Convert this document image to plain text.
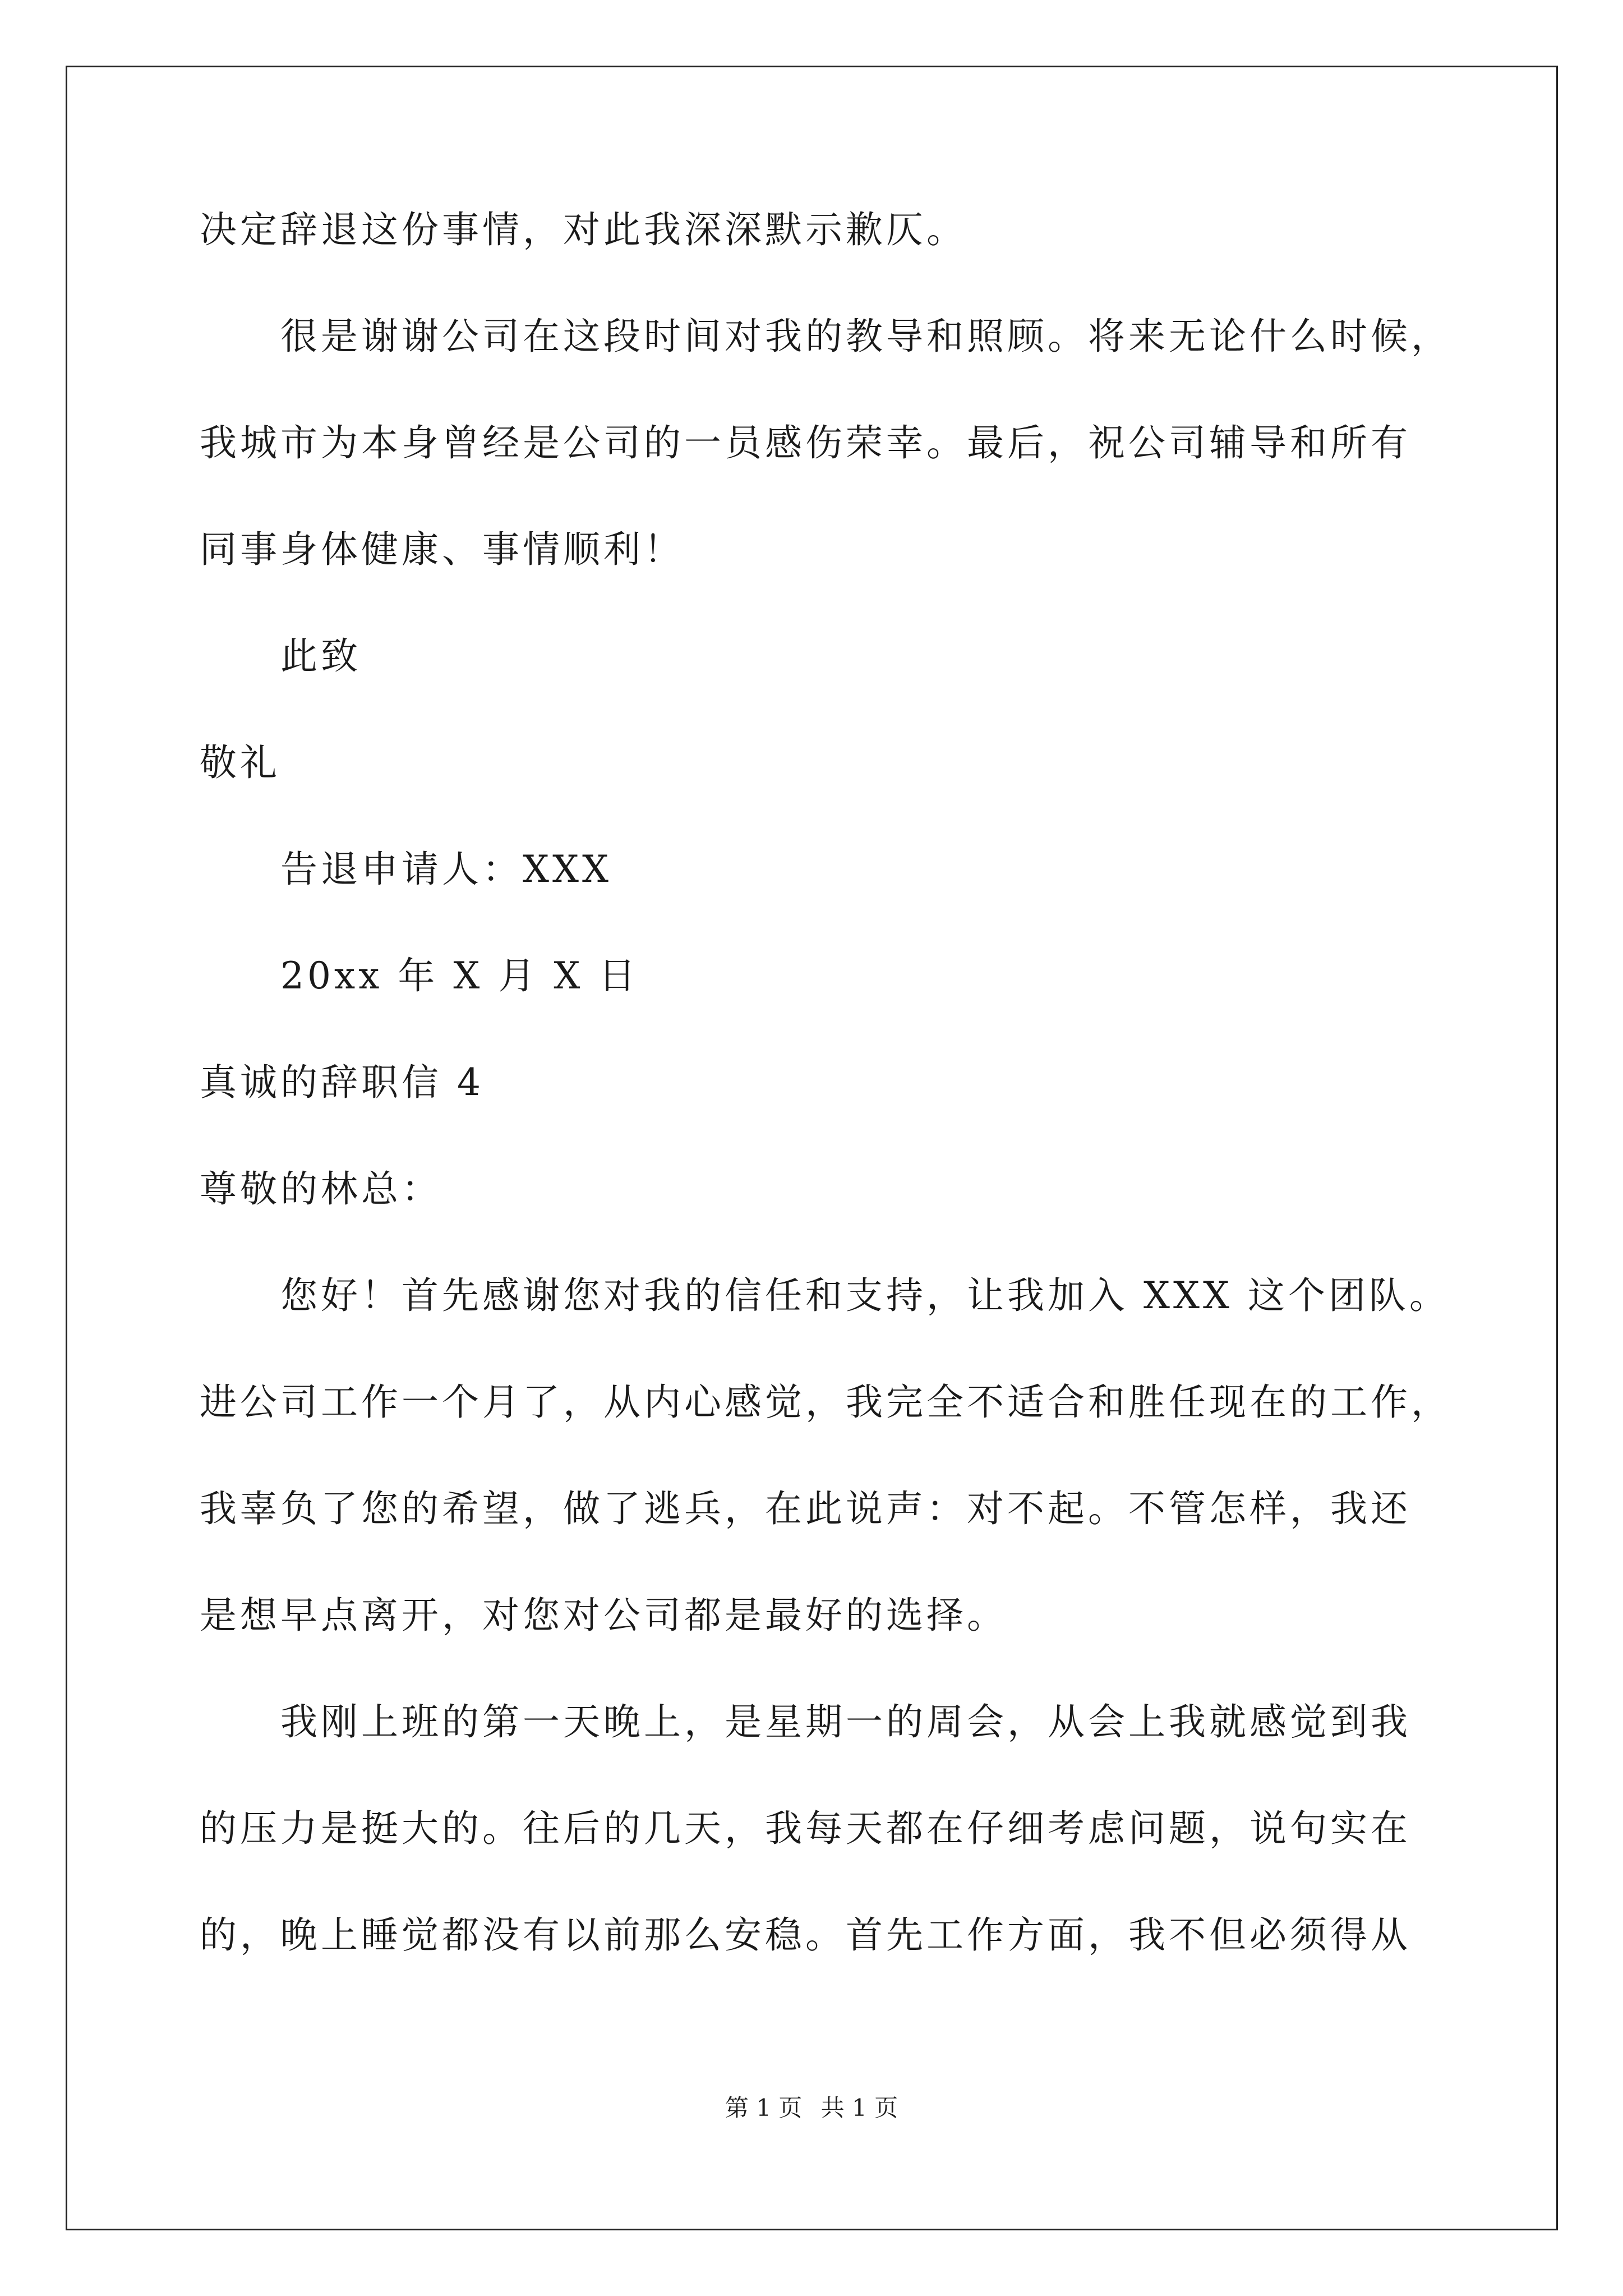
决定辞退这份事情，对此我深深默示歉仄。
很是谢谢公司在这段时间对我的教导和照顾。将来无论什么时候，
我城市为本身曾经是公司的一员感伤荣幸。最后，祝公司辅导和所有
同事身体健康、事情顺利！
此致
敬礼
告退申请人：XXX
20xx 年 X 月 X 日
真诚的辞职信 4
尊敬的林总：
您好！首先感谢您对我的信任和支持，让我加入 XXX 这个团队。
进公司工作一个月了，从内心感觉，我完全不适合和胜任现在的工作，
我辜负了您的希望，做了逃兵，在此说声：对不起。不管怎样，我还
是想早点离开，对您对公司都是最好的选择。
我刚上班的第一天晚上，是星期一的周会，从会上我就感觉到我
的压力是挺大的。往后的几天，我每天都在仔细考虑问题，说句实在
的，晚上睡觉都没有以前那么安稳。首先工作方面，我不但必须得从
第 1 页 共 1 页
